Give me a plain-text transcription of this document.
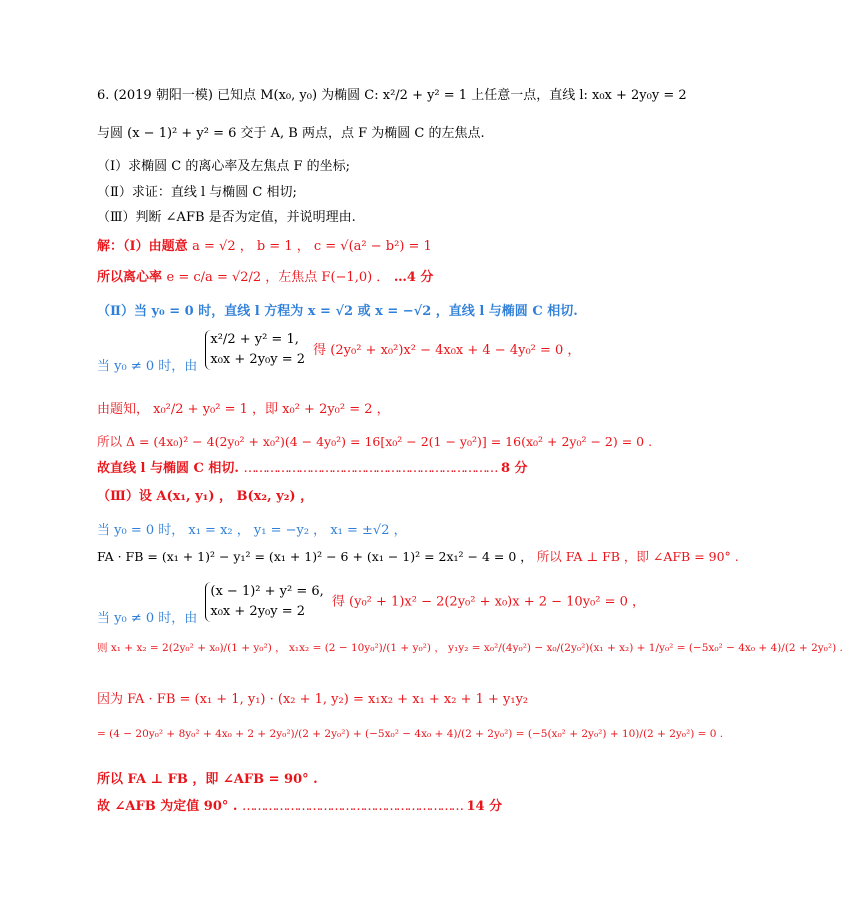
6. (2019 朝阳一模) 已知点 M(x₀, y₀) 为椭圆 C: x²/2 + y² = 1 上任意一点，直线 l: x₀x + 2y₀y = 2
与圆 (x − 1)² + y² = 6 交于 A, B 两点，点 F 为椭圆 C 的左焦点.
（Ⅰ）求椭圆 C 的离心率及左焦点 F 的坐标;
（Ⅱ）求证：直线 l 与椭圆 C 相切;
（Ⅲ）判断 ∠AFB 是否为定值，并说明理由.
解：（Ⅰ）由题意 a = √2 ， b = 1 ， c = √(a² − b²) = 1
所以离心率 e = c/a = √2/2 ，左焦点 F(−1,0) ． …4 分
（Ⅱ）当 y₀ = 0 时，直线 l 方程为 x = √2 或 x = −√2 ，直线 l 与椭圆 C 相切.
当 y₀ ≠ 0 时，由
x²/2 + y² = 1,
x₀x + 2y₀y = 2
得 (2y₀² + x₀²)x² − 4x₀x + 4 − 4y₀² = 0 ，
由题知， x₀²/2 + y₀² = 1 ，即 x₀² + 2y₀² = 2 ，
所以 Δ = (4x₀)² − 4(2y₀² + x₀²)(4 − 4y₀²) = 16[x₀² − 2(1 − y₀²)] = 16(x₀² + 2y₀² − 2) = 0 .
故直线 l 与椭圆 C 相切. …………………………………………………………… 8 分
（Ⅲ）设 A(x₁, y₁) ， B(x₂, y₂) ，
当 y₀ = 0 时， x₁ = x₂ ， y₁ = −y₂ ， x₁ = ±√2 ，
FA · FB = (x₁ + 1)² − y₁² = (x₁ + 1)² − 6 + (x₁ − 1)² = 2x₁² − 4 = 0 ， 所以 FA ⊥ FB ，即 ∠AFB = 90° .
当 y₀ ≠ 0 时，由
(x − 1)² + y² = 6,
x₀x + 2y₀y = 2
得 (y₀² + 1)x² − 2(2y₀² + x₀)x + 2 − 10y₀² = 0 ，
则 x₁ + x₂ = 2(2y₀² + x₀)/(1 + y₀²) ， x₁x₂ = (2 − 10y₀²)/(1 + y₀²) ， y₁y₂ = x₀²/(4y₀²) − x₀/(2y₀²)(x₁ + x₂) + 1/y₀² = (−5x₀² − 4x₀ + 4)/(2 + 2y₀²) .
因为 FA · FB = (x₁ + 1, y₁) · (x₂ + 1, y₂) = x₁x₂ + x₁ + x₂ + 1 + y₁y₂
= (4 − 20y₀² + 8y₀² + 4x₀ + 2 + 2y₀²)/(2 + 2y₀²) + (−5x₀² − 4x₀ + 4)/(2 + 2y₀²) = (−5(x₀² + 2y₀²) + 10)/(2 + 2y₀²) = 0 .
所以 FA ⊥ FB ，即 ∠AFB = 90° .
故 ∠AFB 为定值 90° . …………………………………………………… 14 分
